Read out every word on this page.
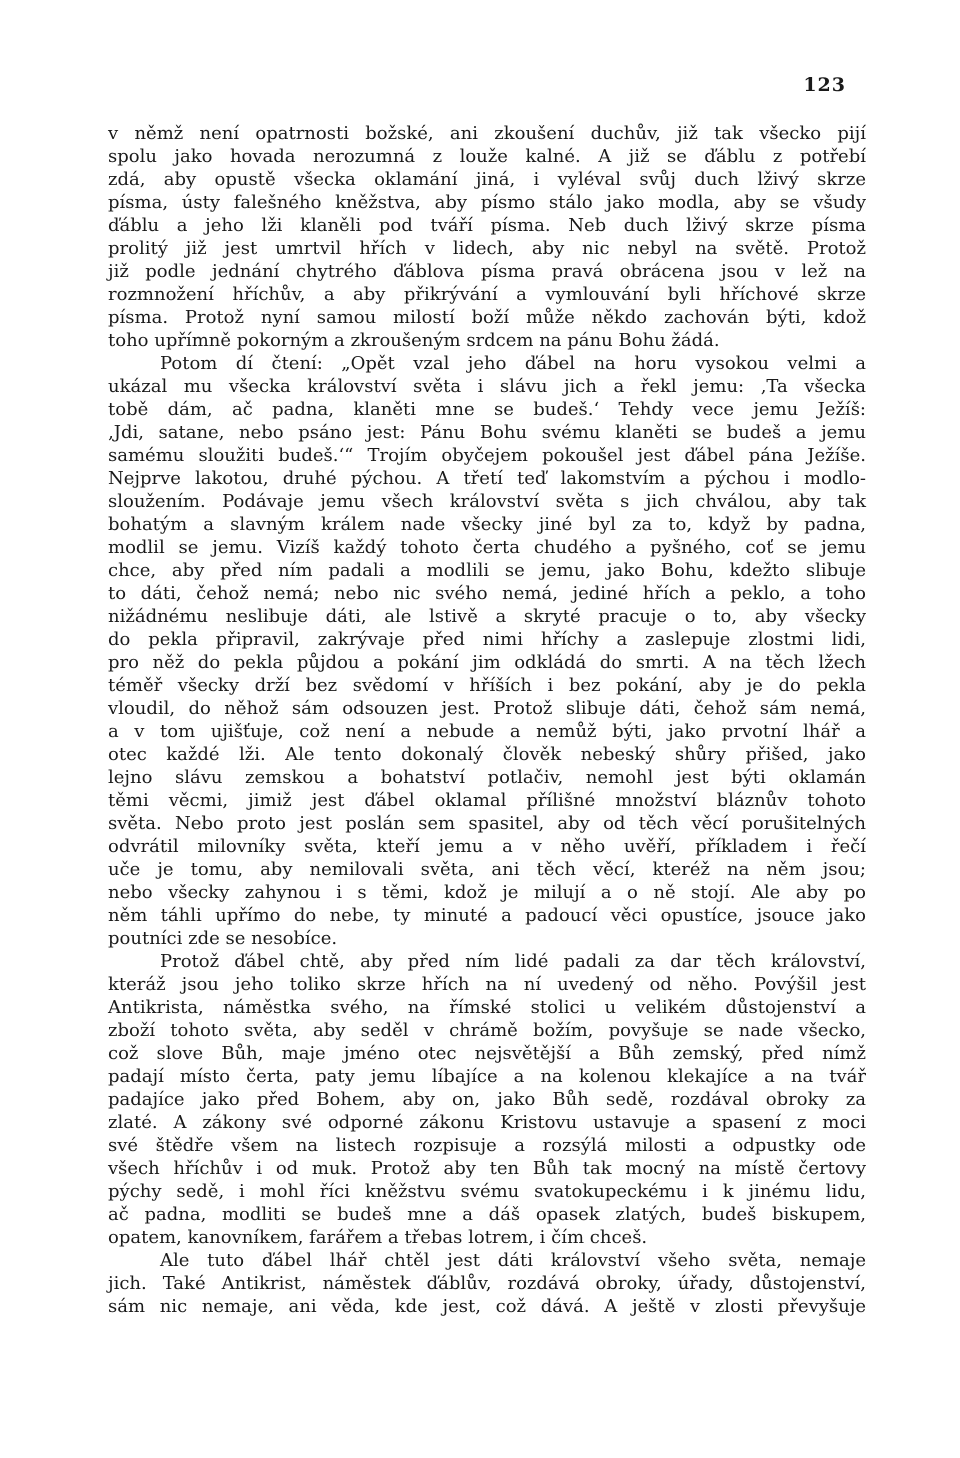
123
v němž není opatrnosti božské, ani zkoušení duchův, již tak všecko pijí
spolu jako hovada nerozumná z louže kalné. A již se ďáblu z potřebí
zdá, aby opustě všecka oklamání jiná, i vyléval svůj duch lživý skrze
písma, ústy falešného kněžstva, aby písmo stálo jako modla, aby se všudy
ďáblu a jeho lži klaněli pod tváří písma. Neb duch lživý skrze písma
prolitý již jest umrtvil hřích v lidech, aby nic nebyl na světě. Protož
již podle jednání chytrého ďáblova písma pravá obrácena jsou v lež na
rozmnožení hříchův, a aby přikrývání a vymlouvání byli hříchové skrze
písma. Protož nyní samou milostí boží může někdo zachován býti, kdož
toho upřímně pokorným a zkroušeným srdcem na pánu Bohu žádá.
Potom dí čtení: „Opět vzal jeho ďábel na horu vysokou velmi a
ukázal mu všecka království světa i slávu jich a řekl jemu: ‚Ta všecka
tobě dám, ač padna, klaněti mne se budeš.‘ Tehdy vece jemu Ježíš:
‚Jdi, satane, nebo psáno jest: Pánu Bohu svému klaněti se budeš a jemu
samému sloužiti budeš.‘“ Trojím obyčejem pokoušel jest ďábel pána Ježíše.
Nejprve lakotou, druhé pýchou. A třetí teď lakomstvím a pýchou i modlo-
sloužením. Podávaje jemu všech království světa s jich chválou, aby tak
bohatým a slavným králem nade všecky jiné byl za to, když by padna,
modlil se jemu. Vizíš každý tohoto čerta chudého a pyšného, coť se jemu
chce, aby před ním padali a modlili se jemu, jako Bohu, kdežto slibuje
to dáti, čehož nemá; nebo nic svého nemá, jediné hřích a peklo, a toho
nižádnému neslibuje dáti, ale lstivě a skryté pracuje o to, aby všecky
do pekla připravil, zakrývaje před nimi hříchy a zaslepuje zlostmi lidi,
pro něž do pekla půjdou a pokání jim odkládá do smrti. A na těch lžech
téměř všecky drží bez svědomí v hříších i bez pokání, aby je do pekla
vloudil, do něhož sám odsouzen jest. Protož slibuje dáti, čehož sám nemá,
a v tom ujišťuje, což není a nebude a nemůž býti, jako prvotní lhář a
otec každé lži. Ale tento dokonalý člověk nebeský shůry přišed, jako
lejno slávu zemskou a bohatství potlačiv, nemohl jest býti oklamán
těmi věcmi, jimiž jest ďábel oklamal přílišné množství bláznův tohoto
světa. Nebo proto jest poslán sem spasitel, aby od těch věcí porušitelných
odvrátil milovníky světa, kteří jemu a v něho uvěří, příkladem i řečí
uče je tomu, aby nemilovali světa, ani těch věcí, kteréž na něm jsou;
nebo všecky zahynou i s těmi, kdož je milují a o ně stojí. Ale aby po
něm táhli upřímo do nebe, ty minuté a padoucí věci opustíce, jsouce jako
poutníci zde se nesobíce.
Protož ďábel chtě, aby před ním lidé padali za dar těch království,
kteráž jsou jeho toliko skrze hřích na ní uvedený od něho. Povýšil jest
Antikrista, náměstka svého, na římské stolici u velikém důstojenství a
zboží tohoto světa, aby seděl v chrámě božím, povyšuje se nade všecko,
což slove Bůh, maje jméno otec nejsvětější a Bůh zemský, před nímž
padají místo čerta, paty jemu líbajíce a na kolenou klekajíce a na tvář
padajíce jako před Bohem, aby on, jako Bůh sedě, rozdával obroky za
zlaté. A zákony své odporné zákonu Kristovu ustavuje a spasení z moci
své štědře všem na listech rozpisuje a rozsýlá milosti a odpustky ode
všech hříchův i od muk. Protož aby ten Bůh tak mocný na místě čertovy
pýchy sedě, i mohl říci kněžstvu svému svatokupeckému i k jinému lidu,
ač padna, modliti se budeš mne a dáš opasek zlatých, budeš biskupem,
opatem, kanovníkem, farářem a třebas lotrem, i čím chceš.
Ale tuto ďábel lhář chtěl jest dáti království všeho světa, nemaje
jich. Také Antikrist, náměstek ďáblův, rozdává obroky, úřady, důstojenství,
sám nic nemaje, ani věda, kde jest, což dává. A ještě v zlosti převyšuje
